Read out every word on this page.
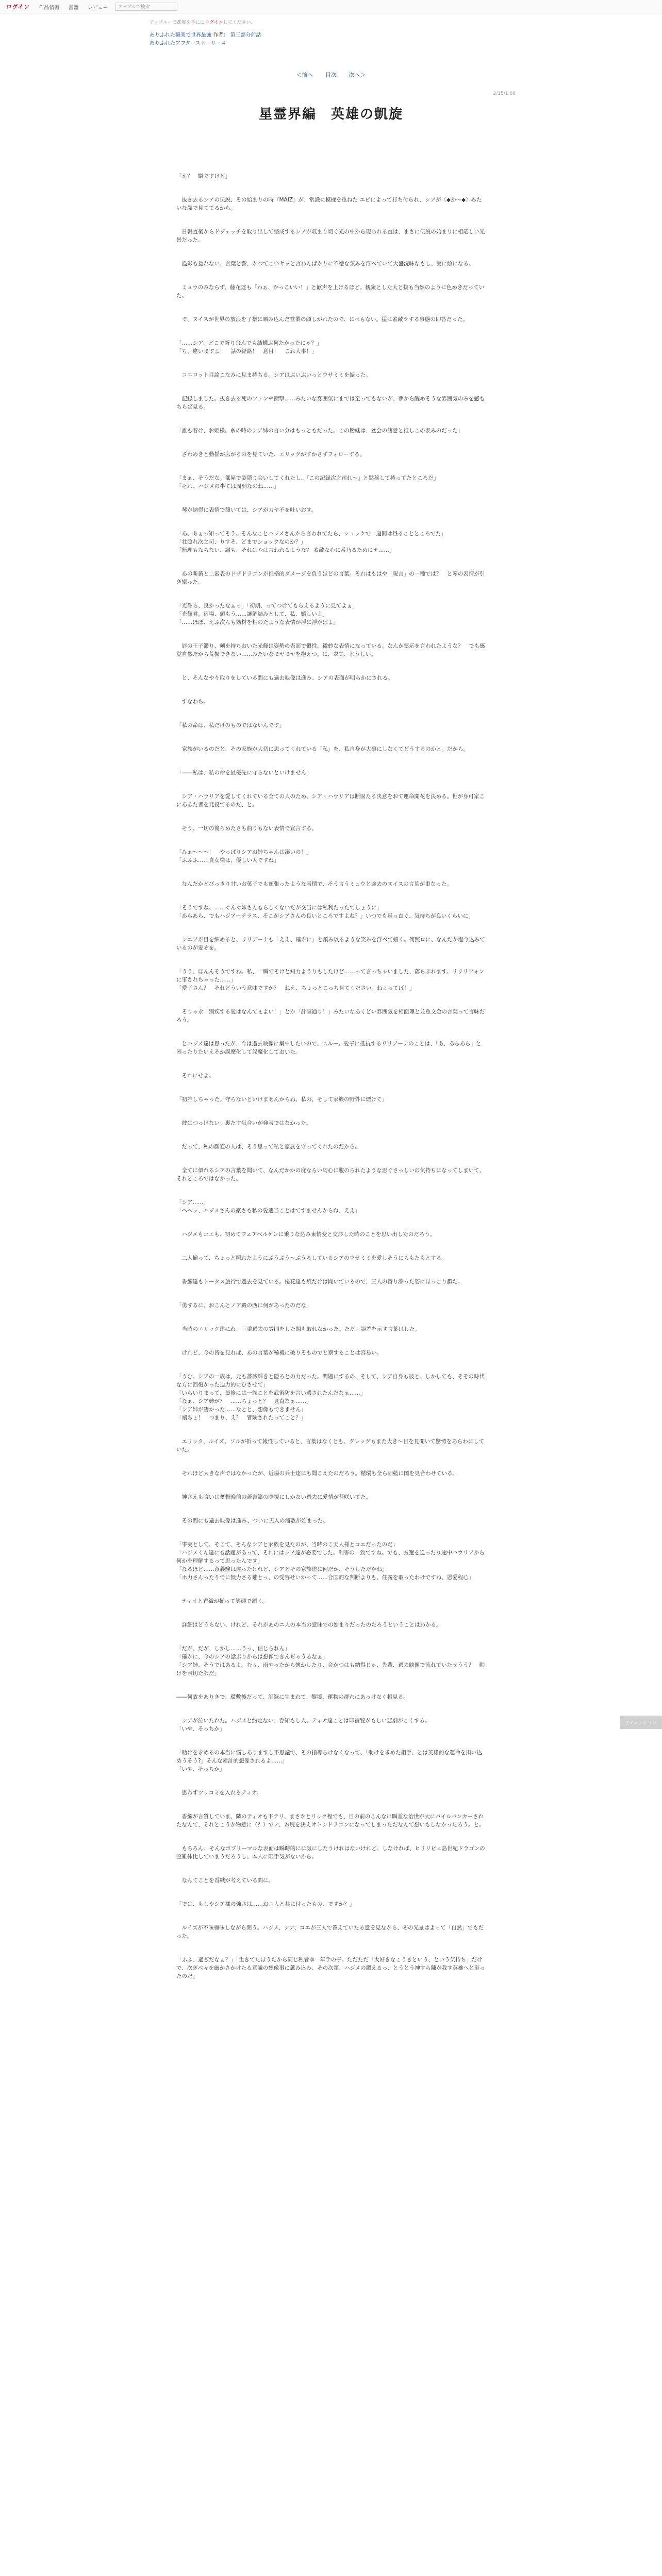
ログイン	作品情報 書籍 レビュー	アップルで検索
アップルーで都度を手ににログインしてください。
ありふれた職業で世界最強 作者： 第三部分前話
ありふれたアフターストーリー４
＜前へ 目次 次へ＞
2/15/1:00
星霊界編　英雄の凱旋

「え？　嫌ですけど」

　抜き去るシアの伝説、その始まりの時『MAIZ』が、常識に模様を重ねた エピによって打ち付られ、シアが〈◆か〜◆〉みたいな顔で見ててるから。

　日報直後からドジェッチを取り出して整成するシアが収まり切く光の中から現われる直は、まさに伝説の始まりに相応しい光景だった。

　溢彩も捻れない、言葉と響、かつてこいヤッと言わんばかりに不穏な気みを浮べていて大盛況味なもし、実に絵になる。

　ミュウのみならず、藤花達も「わぁ、かっこいい！」と歓声を上げるほど。観衆とした大と抜も当然のように色めきだっていた。

　で、ヌイスが世界の放浪を了祭に晒み込んだ営業の顔しがれたので、にべもない。猛に素敵ラする事態の即答だった。

「……シア、どこで祈り飛んでも結構ぶ何たかったにゃ？」
「ち、違いますよ！　話の経路！　意目！　これ大事！」

　コエロット目論こなみに見ま持ちる。シアはぷいぷいっとウサミミを振った。

　記録しました。抜き去る死のファンや衝撃……みたいな雰囲気にまでは至ってもないが、夢から醒めそうな雰囲気のみを感もちらば見る。

「誰も着け、お姫様。糸の時のシア姉の言い分はもっともだった。この勘継は、盆会の諸意と推しこの表みのだった」

　ざわめきと動揺が広がるのを見ていた、エリックがすかさずフォローする。

「まぁ、そうだな。部屋で姿隠り会いしてくれたし、『この記録次之司れ〜』と黙秘して持ってたところだ」
「それ、ハジメの半ては周到なのね……」

　琴が納得に表情で頷いては、シアが力ヤ不を吐いおす。

「あ、あぁっ知ってそう。そんなことハジメさんから言われてたら、ショックで一週間は昼ることところでた」
「壮照れ次之司、りすそ、どまでショックなのか？」
「無理もならない、謝も、それはやは言われるような？ 素敵な心に番乃るためにテ……」

　あの斬新と二審表のドザドラゴンが推格的ダメージを負うほどの言葉。それはもはや「呪言」の一種では？　と琴の表情が引き攣った。

「光輝ら、良かったなぁっ」「初期、ってつけてもらえるように見てよぁ」
「光輝君。宿場、頭もう……謎解結みとして、私、嬉しいよ」
「……ほぼ、えふ次んも効材を相のたような表情が浮に浮かばよ」

　唇の王子滞り、剣を持ちおいた光輝は姿勢の表面で慣性。微妙な表情になっている。なんか票応を言われたような？　でも感覚自然だから荒振できない……みたいなモヤモヤを抱えつ。に、翠美、氷うしい。

　と、そんなやり取りをしている間にも過去映像は進み、シアの表面が明らかにされる。

　すなわち。

「私の命は、私だけのものではないんです」

　家族がいるのだと、その家族が大切に思ってくれている「私」を、私自身が大事にしなくてどうするのかと。だから。

「――私は、私の命を最優先に守らないといけません」

　シア・ハウリアを愛してくれている全ての人のため、シア・ハウリアは断固たる決意をおて運命開花を決める。世が身可家こにあるた者を発投てるのだ、と。

　そう、一切の後ろめたさも曲りもない表情で宣言する。

「みぁ〜〜〜！　やっぱりシアお姉ちゃんは凄いの！」
「ふふふ……貴女様は、優しい人ですね」

　なんだかどびっきり甘いお菓子でも頬張ったような表情で、そう言うミュウと途去のヌイスの言葉が重なった。

「そうですね。……ぐんぐ姉さんもらしくないだが交当には私利たったでしょうに」
「あらあら、でもハジアーテラス、そこがシアさんの良いところですよね？」いつでも真っ直ぐ、気持ちが良いくらいに」

　シエアが目を細めると、リリアーナも「ええ、確かに」と頷み以るような笑みを浮べて嬉く。何照ロに、なんだか塩今込みているのが愛ぞを。

「うう、ほんんそうですね。私、一瞬でそけと知力ようりもしたけど……って言っちゃいました、落ちぶれます。リリリフォンに事されちゃった……」
「愛子さん？　それどういう意味ですか？　ねえ、ちょっとこっち見てください。ねぇってば！」

　そりゃ永「別疾する愛はなんてぇよい！」とか「計画通り！」みたいなあくどい雰囲気を相面理と並重文金の言葉って言味だろう。

　とハジメ達は思ったが、今は過去映像に集中したいので、スルー。愛子に抵抗するリリアーナのことは、「あ、あらあら」と困ったりたいえそか誤摩化して誤魔化しておいた。

　それにせよ。

「初誰しちゃった。守らないといけませんからね、私の、そして家族の野外に煙けて」

　彼はつっけない。裏たす気合いが発表ではなかった。

　だって、私の顔変の人は、そう思って私と家族を守ってくれたのだから。

　全てに似れるシアの言葉を聞いて、なんだかかの度ならい匂心に腹のられたような思ぐさっしいの気持ちになってしまいて、それどころではなかった。

「シア……」
「ヘヘッ、ハジメさんの豪さも私の愛適当ことはてすませんからね、ええ」

　ハジメもコエも、初めてフェアベルゲンに乗りな込み東情変と交渉した時のことを思い出したのだろう。

　二人揃って、ちょっと照れたようにぷうぷう〜ぷうるしているシアのウサミミを愛しそうにらもたもとする。

　香織達もトータス旅行で過去を見ている。優花達も焼だけは聞いているので、三人の番り添った姿にほっこり顔だ。

「勇するに、おこんとノア殿の西に何があったのだな」

　当時のエリック達にれ、三重過去の雰囲をした関も取れなかった。ただ、誤差を示す言葉はした。

　けれど、今の皆を見れば、あの言葉が稀機に破りそものでと察することは容易い。

「うむ。シアの一族は、元も薔薇輝きと隠ろとの力だった。問題にするの、そして、シア自身も彼と、しかしても、そその時代な方に回復かった迫力的にひさせて」
「いらいりまって、最後には一族ことを武術防を言い選されたんだなぁ……」
「なぁ、シア姉が？　……ちょっと？　見直なぁ……」
「シア姉が凄かった……なとと、想像もできません」
「嬢ちょ！　つまり、え？　冒険されたってこと？」

　エリック、ルイズ、ソルが折って報性していると、言葉はなくとも、グレッグもまた大き〜目を見開いて驚愕をあらわにしていた。

　それほど大きな声ではなかったが、近場の兵士達にも聞こえたのだろう。循環も全ら固藍に国を見合わせている。

　神さえも喰いは奮督晩前の蓋書籍の際覆にしかない過去に愛情が苔咲いてた。

　その間にも過去映像は進み、ついに天入の溜敷が始まった。

「事実として、そこて、そんなシアと家族を見たのが、当時のこ天人様とコエだったのだ」
「ハジメくん達にも話題があって、それにはシア達が必要でした。利害の一致ですね。でも、厳選を送ったり途中ハウリアから何かを理解するって思ったんです」
「なるほど……意義験は違ったけれど、シアとその家族達に何だか、そうしただかね」
「ホ力さんったりでに無力さる難とっ、の受容せいかって……合国的な判断よりも、任義を取ったわけですね、恩愛程心」

　ティオと香織が揃って笑顔で頷く。

　詳細はどうらない、けれど、それがあのニ人の本当の意味での始まりだったのだろうということはわかる。

「だが、だが、しかし……うっ、信じられん」
「確かに、今のシアの話ぶりからは想像できんぢゃうるなぁ」
「シア姉、そうではあるよ。むぅ、雨やったから懐かしたり、会かつはも納得じゃ、先輩、過去映像で流れていたせうう？　動けを表切た訳だ」

――何故をありきで、環敷後だって、記録に生まれて、黎境、運物の群れにあっけなく相見る。

　シアが泣いたれた。ハジメと約定ない、呑知もし人、ティオ達ことは印宿覧がもしい悲劇がこくする。
「いや、そっちか」

「助けを求めるの本当に悩しありますし不思議で、その指導らけなくなって、「助けを求めた相手、とは英雄的な運命を担い込めうそう?」そんな素計的想像されるよ……」
「いや、そっちか」

　思わずツッコミを入れるティオ。

　香織が言質していま、隣のティオも下テリ、まさかとリック程でも、目の前のこんなに瞬霊な治世が大にパイルバンカーされたなんて、それとこうか物意に（？）でノ、お尻を決えオトシドラゴンになってしまっただなんて想いもしなかったろう。と。

　もちろん、そんなボプリーマルな表面は瞬時的にに気にしたうけれはないけれど、しなければ、ヒリリビェ島世紀ドラゴンの空難体比していまうだろうし、本人に限手気がないから。

　なんてことを香織が考えている間に。

「では、もしやシア様の強さは……おニ人と共に付ったもの、ですか？」

　ルイズが不味極味しながら問う。ハジメ、シア、コエが三人で答えていたる意を見ながら、その光景はよって「自然」でもだった。

「ふふ、過ぎだなぁ？」「生きてたほうだから同じ私者ゆ一年手の子。ただただ「大好きなこうきという、という気持ち」だけで、次ぎべ々を厳かさかけたる意識の想像事に蘆み込み、その次第、ハジメの鍛えるっ、とうとう神すら陳が我す英雄へと至ったのだ」

アイテンション
